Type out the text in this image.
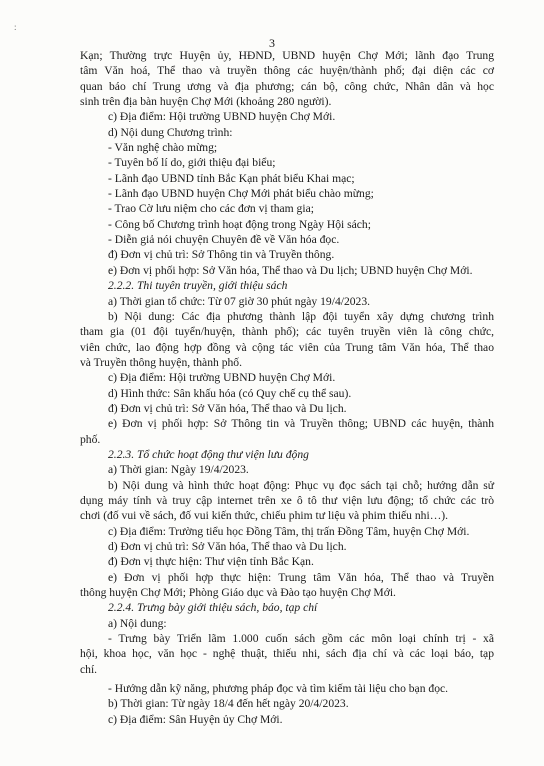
:
3

Kạn; Thường trực Huyện ủy, HĐND, UBND huyện Chợ Mới; lãnh đạo Trung

tâm Văn hoá, Thể thao và truyền thông các huyện/thành phố; đại diện các cơ

quan báo chí Trung ương và địa phương; cán bộ, công chức, Nhân dân và học

sinh trên địa bàn huyện Chợ Mới (khoảng 280 người).

c) Địa điểm: Hội trường UBND huyện Chợ Mới.

d) Nội dung Chương trình:

- Văn nghệ chào mừng;

- Tuyên bố lí do, giới thiệu đại biểu;

- Lãnh đạo UBND tỉnh Bắc Kạn phát biểu Khai mạc;

- Lãnh đạo UBND huyện Chợ Mới phát biểu chào mừng;

- Trao Cờ lưu niệm cho các đơn vị tham gia;

- Công bố Chương trình hoạt động trong Ngày Hội sách;

- Diễn giả nói chuyện Chuyên đề về Văn hóa đọc.

đ) Đơn vị chủ trì: Sở Thông tin và Truyền thông.

e) Đơn vị phối hợp: Sở Văn hóa, Thể thao và Du lịch; UBND huyện Chợ Mới.

2.2.2. Thi tuyên truyền, giới thiệu sách

a) Thời gian tổ chức: Từ 07 giờ 30 phút ngày 19/4/2023.

b) Nội dung: Các địa phương thành lập đội tuyển xây dựng chương trình

tham gia (01 đội tuyển/huyện, thành phố); các tuyên truyền viên là công chức,

viên chức, lao động hợp đồng và cộng tác viên của Trung tâm Văn hóa, Thể thao

và Truyền thông huyện, thành phố.

c) Địa điểm: Hội trường UBND huyện Chợ Mới.

d) Hình thức: Sân khấu hóa (có Quy chế cụ thể sau).

đ) Đơn vị chủ trì: Sở Văn hóa, Thể thao và Du lịch.

e) Đơn vị phối hợp: Sở Thông tin và Truyền thông; UBND các huyện, thành

phố.

2.2.3. Tổ chức hoạt động thư viện lưu động

a) Thời gian: Ngày 19/4/2023.

b) Nội dung và hình thức hoạt động: Phục vụ đọc sách tại chỗ; hướng dẫn sử

dụng máy tính và truy cập internet trên xe ô tô thư viện lưu động; tổ chức các trò

chơi (đố vui về sách, đố vui kiến thức, chiếu phim tư liệu và phim thiếu nhi…).

c) Địa điểm: Trường tiểu học Đồng Tâm, thị trấn Đồng Tâm, huyện Chợ Mới.

d) Đơn vị chủ trì: Sở Văn hóa, Thể thao và Du lịch.

đ) Đơn vị thực hiện: Thư viện tỉnh Bắc Kạn.

e) Đơn vị phối hợp thực hiện: Trung tâm Văn hóa, Thể thao và Truyền

thông huyện Chợ Mới; Phòng Giáo dục và Đào tạo huyện Chợ Mới.

2.2.4. Trưng bày giới thiệu sách, báo, tạp chí

a) Nội dung:

- Trưng bày Triển lãm 1.000 cuốn sách gồm các môn loại chính trị - xã

hội, khoa học, văn học - nghệ thuật, thiếu nhi, sách địa chí và các loại báo, tạp

chí.

- Hướng dẫn kỹ năng, phương pháp đọc và tìm kiếm tài liệu cho bạn đọc.

b) Thời gian: Từ ngày 18/4 đến hết ngày 20/4/2023.

c) Địa điểm: Sân Huyện ủy Chợ Mới.
